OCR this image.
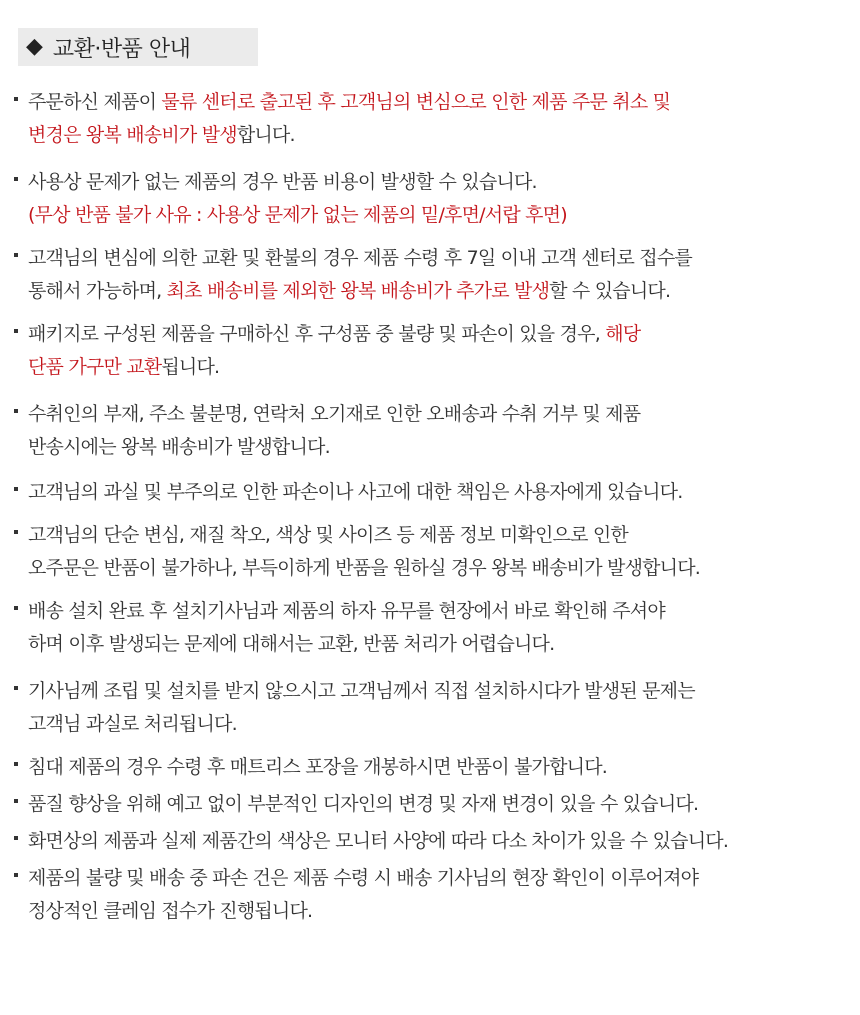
◆ 교환·반품 안내
주문하신 제품이 물류 센터로 출고된 후 고객님의 변심으로 인한 제품 주문 취소 및
변경은 왕복 배송비가 발생합니다.
사용상 문제가 없는 제품의 경우 반품 비용이 발생할 수 있습니다.
(무상 반품 불가 사유 : 사용상 문제가 없는 제품의 밑/후면/서랍 후면)
고객님의 변심에 의한 교환 및 환불의 경우 제품 수령 후 7일 이내 고객 센터로 접수를
통해서 가능하며, 최초 배송비를 제외한 왕복 배송비가 추가로 발생할 수 있습니다.
패키지로 구성된 제품을 구매하신 후 구성품 중 불량 및 파손이 있을 경우, 해당
단품 가구만 교환됩니다.
수취인의 부재, 주소 불분명, 연락처 오기재로 인한 오배송과 수취 거부 및 제품
반송시에는 왕복 배송비가 발생합니다.
고객님의 과실 및 부주의로 인한 파손이나 사고에 대한 책임은 사용자에게 있습니다.
고객님의 단순 변심, 재질 착오, 색상 및 사이즈 등 제품 정보 미확인으로 인한
오주문은 반품이 불가하나, 부득이하게 반품을 원하실 경우 왕복 배송비가 발생합니다.
배송 설치 완료 후 설치기사님과 제품의 하자 유무를 현장에서 바로 확인해 주셔야
하며 이후 발생되는 문제에 대해서는 교환, 반품 처리가 어렵습니다.
기사님께 조립 및 설치를 받지 않으시고 고객님께서 직접 설치하시다가 발생된 문제는
고객님 과실로 처리됩니다.
침대 제품의 경우 수령 후 매트리스 포장을 개봉하시면 반품이 불가합니다.
품질 향상을 위해 예고 없이 부분적인 디자인의 변경 및 자재 변경이 있을 수 있습니다.
화면상의 제품과 실제 제품간의 색상은 모니터 사양에 따라 다소 차이가 있을 수 있습니다.
제품의 불량 및 배송 중 파손 건은 제품 수령 시 배송 기사님의 현장 확인이 이루어져야
정상적인 클레임 접수가 진행됩니다.
